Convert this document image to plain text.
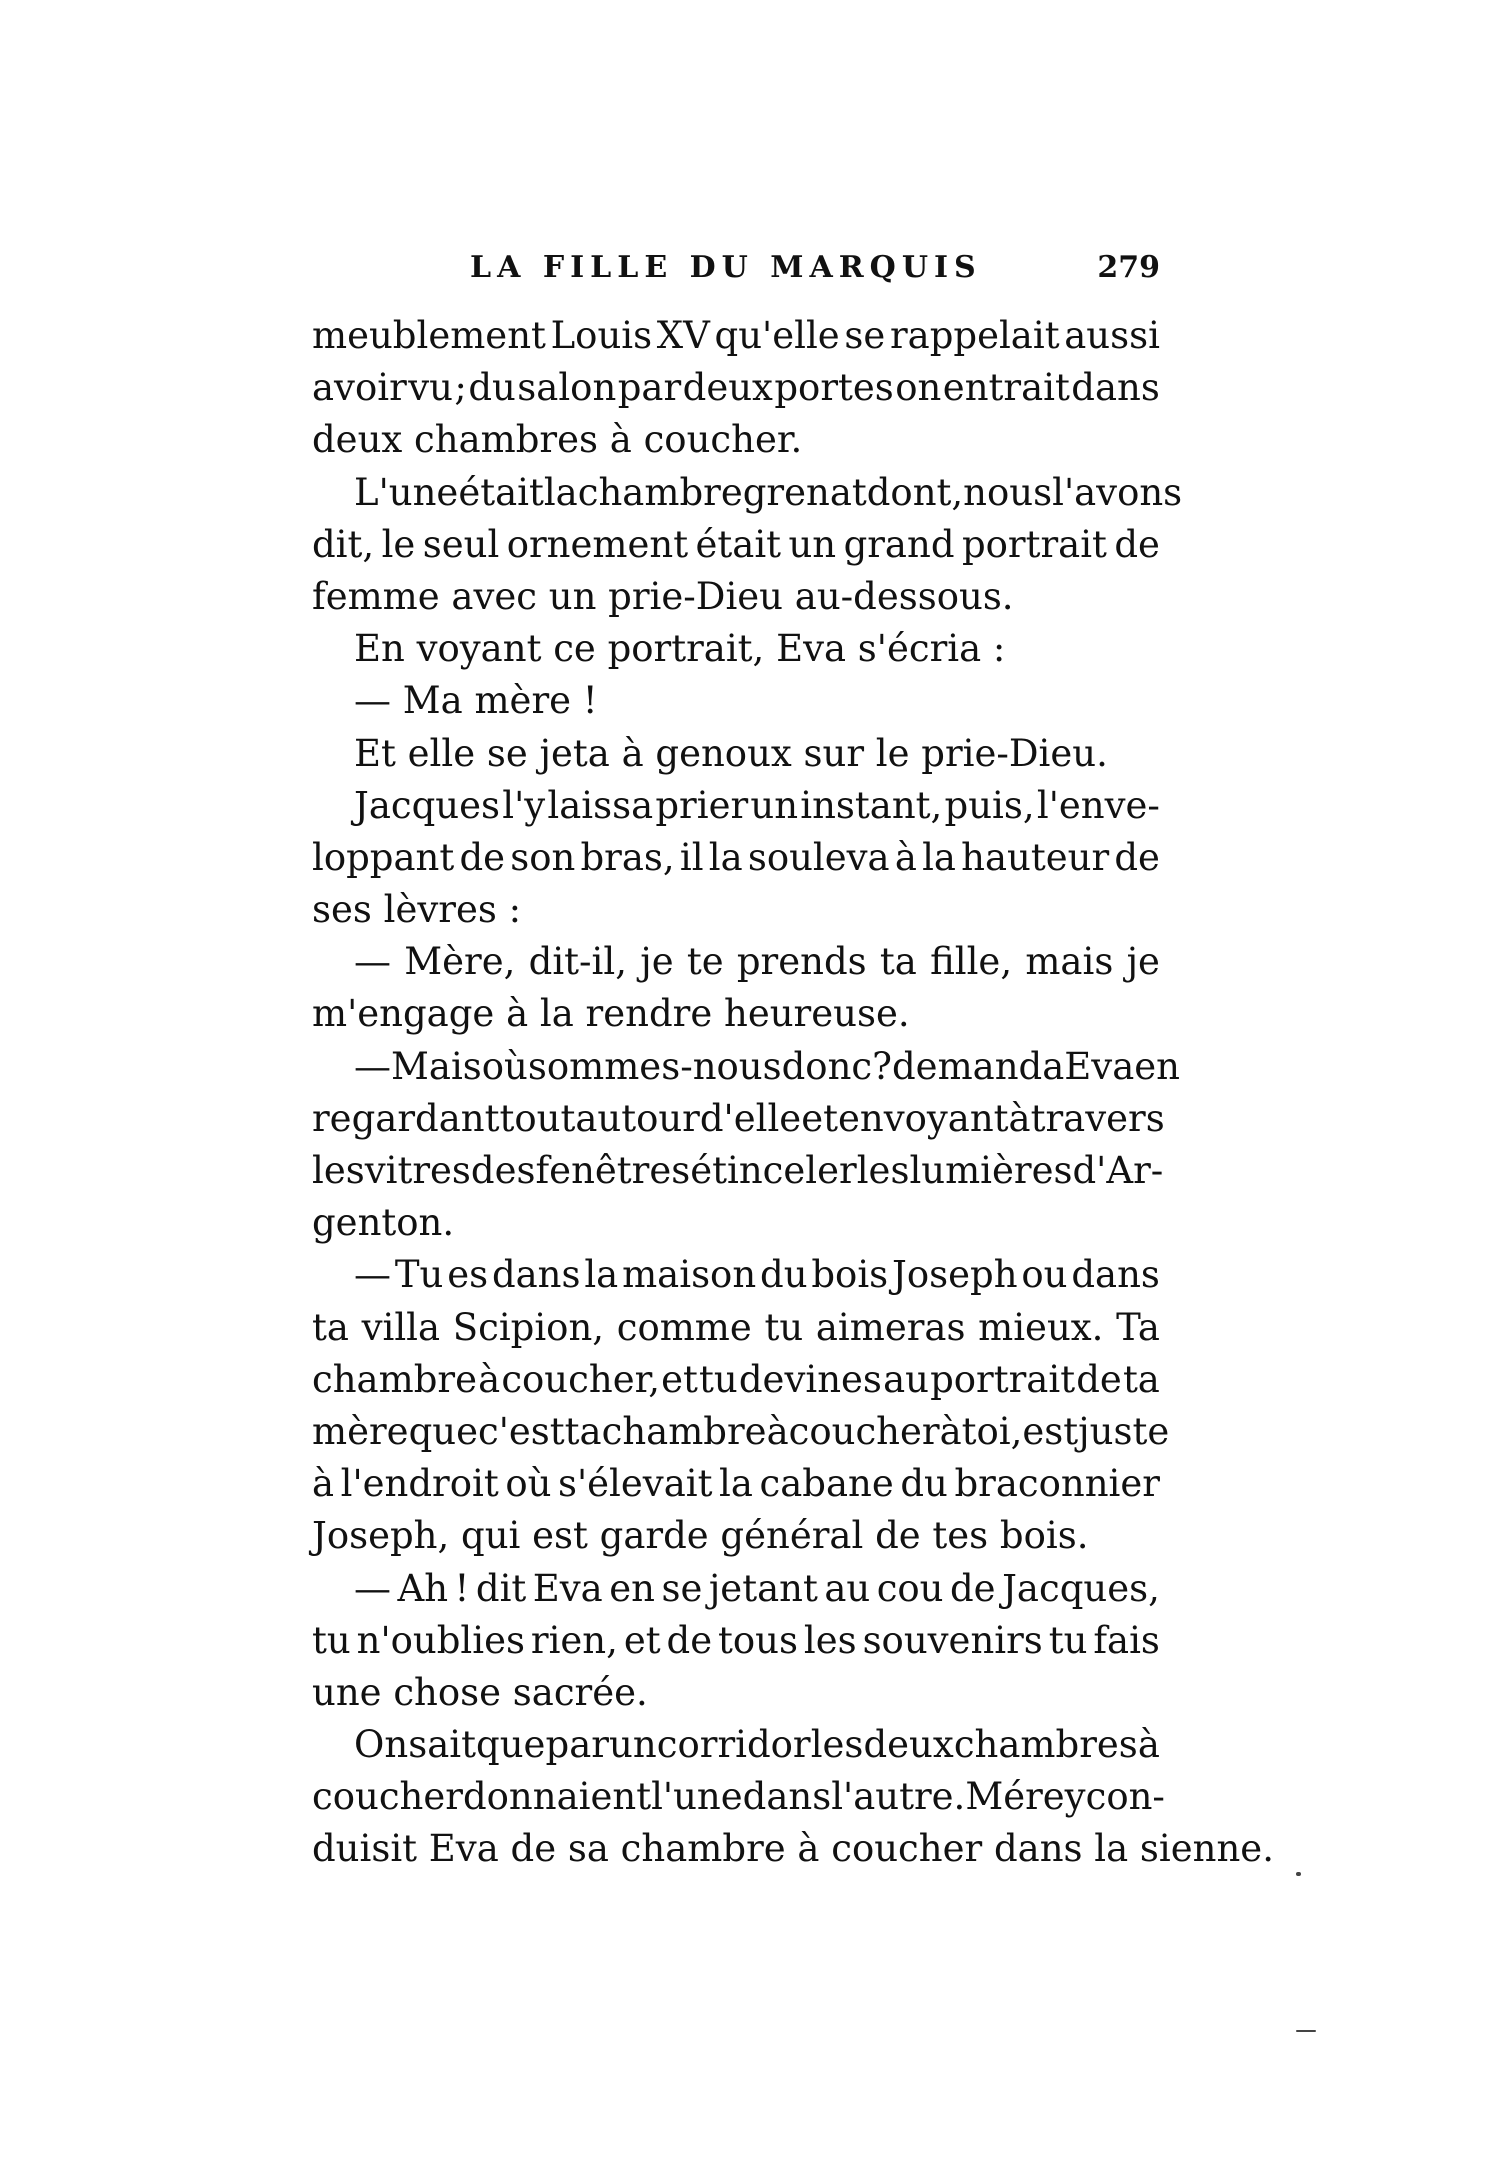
LA FILLE DU MARQUIS	279
meublement Louis XV qu'elle se rappelait aussi
avoir vu ; du salon par deux portes on entrait dans
deux chambres à coucher.
L'une était la chambre grenat dont, nous l'avons
dit, le seul ornement était un grand portrait de
femme avec un prie-Dieu au-dessous.
En voyant ce portrait, Eva s'écria :
— Ma mère !
Et elle se jeta à genoux sur le prie-Dieu.
Jacques l'y laissa prier un instant, puis, l'enve-
loppant de son bras, il la souleva à la hauteur de
ses lèvres :
— Mère, dit-il, je te prends ta fille, mais je
m'engage à la rendre heureuse.
— Mais où sommes-nous donc ? demanda Eva en
regardant tout autour d'elle et en voyant à travers
les vitres des fenêtres étinceler les lumières d'Ar-
genton.
— Tu es dans la maison du bois Joseph ou dans
ta villa Scipion, comme tu aimeras mieux. Ta
chambre à coucher, et tu devines au portrait de ta
mère que c'est ta chambre à coucher à toi, est juste
à l'endroit où s'élevait la cabane du braconnier
Joseph, qui est garde général de tes bois.
— Ah ! dit Eva en se jetant au cou de Jacques,
tu n'oublies rien, et de tous les souvenirs tu fais
une chose sacrée.
On sait que par un corridor les deux chambres à
coucher donnaient l'une dans l'autre. Mérey con-
duisit Eva de sa chambre à coucher dans la sienne.
